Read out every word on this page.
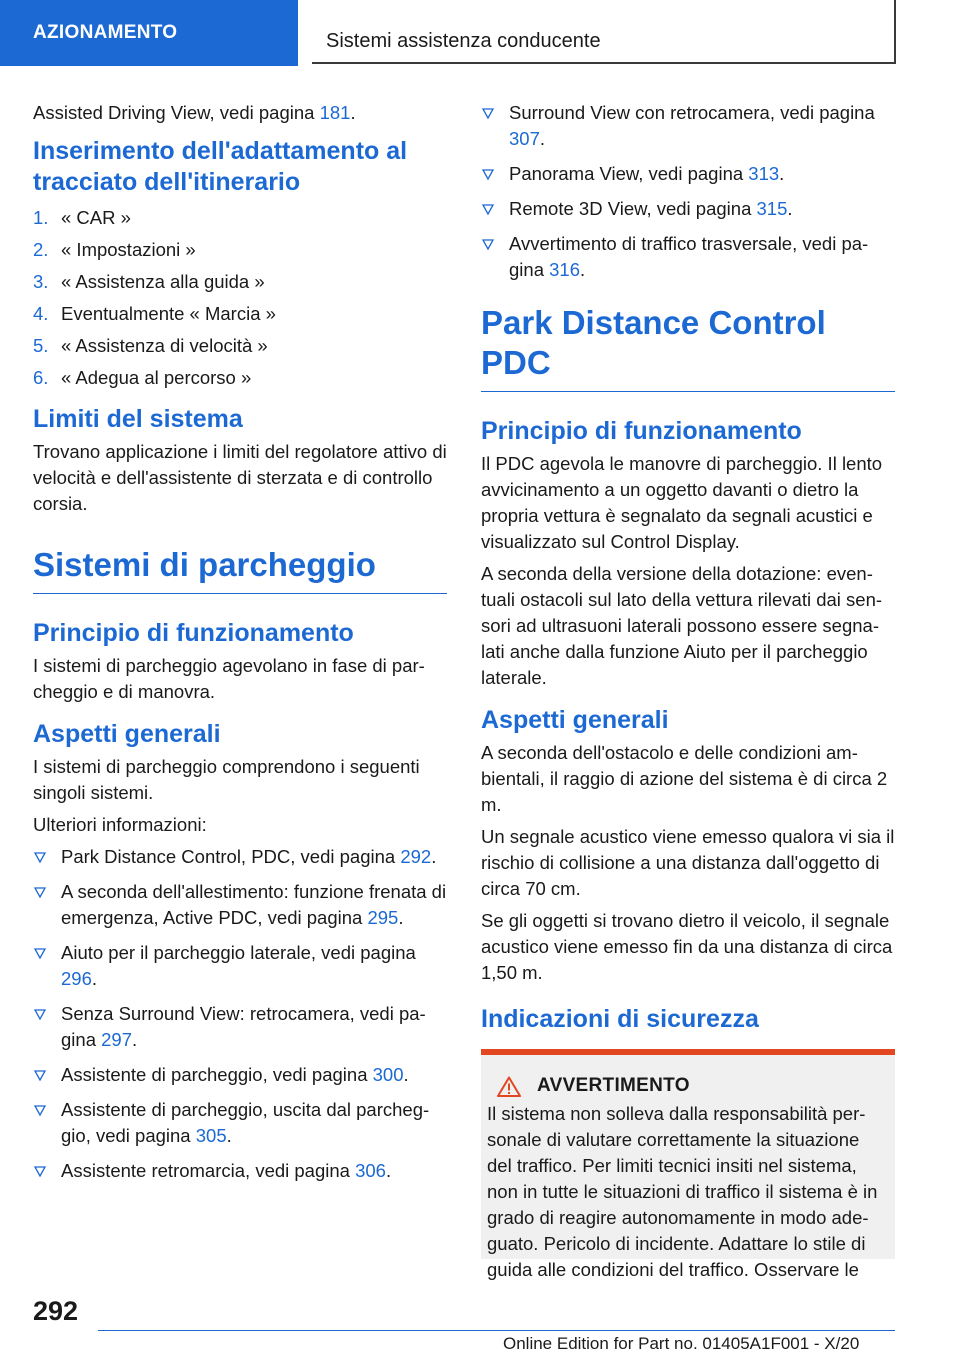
AZIONAMENTO	Sistemi assistenza conducente

Assisted Driving View, vedi pagina 181.

Inserimento dell'adattamento al tracciato dell'itinerario
1. « CAR »
2. « Impostazioni »
3. « Assistenza alla guida »
4. Eventualmente « Marcia »
5. « Assistenza di velocità »
6. « Adegua al percorso »
Limiti del sistema

Trovano applicazione i limiti del regolatore attivo di velocità e dell'assistente di sterzata e di controllo corsia.

Sistemi di parcheggio
Principio di funzionamento

I sistemi di parcheggio agevolano in fase di parcheggio e di manovra.

Aspetti generali

I sistemi di parcheggio comprendono i seguenti singoli sistemi.

Ulteriori informazioni:

Park Distance Control, PDC, vedi pagina 292.
A seconda dell'allestimento: funzione frenata di emergenza, Active PDC, vedi pagina 295.
Aiuto per il parcheggio laterale, vedi pagina 296.
Senza Surround View: retrocamera, vedi pagina 297.
Assistente di parcheggio, vedi pagina 300.
Assistente di parcheggio, uscita dal parcheggio, vedi pagina 305.
Assistente retromarcia, vedi pagina 306.
Surround View con retrocamera, vedi pagina 307.
Panorama View, vedi pagina 313.
Remote 3D View, vedi pagina 315.
Avvertimento di traffico trasversale, vedi pagina 316.
Park Distance Control PDC
Principio di funzionamento

Il PDC agevola le manovre di parcheggio. Il lento avvicinamento a un oggetto davanti o dietro la propria vettura è segnalato da segnali acustici e visualizzato sul Control Display.

A seconda della versione della dotazione: eventuali ostacoli sul lato della vettura rilevati dai sensori ad ultrasuoni laterali possono essere segnalati anche dalla funzione Aiuto per il parcheggio laterale.

Aspetti generali

A seconda dell'ostacolo e delle condizioni ambientali, il raggio di azione del sistema è di circa 2 m.

Un segnale acustico viene emesso qualora vi sia il rischio di collisione a una distanza dall'oggetto di circa 70 cm.

Se gli oggetti si trovano dietro il veicolo, il segnale acustico viene emesso fin da una distanza di circa 1,50 m.

Indicazioni di sicurezza
AVVERTIMENTO

Il sistema non solleva dalla responsabilità personale di valutare correttamente la situazione del traffico. Per limiti tecnici insiti nel sistema, non in tutte le situazioni di traffico il sistema è in grado di reagire autonomamente in modo adeguato. Pericolo di incidente. Adattare lo stile di guida alle condizioni del traffico. Osservare le

292
Online Edition for Part no. 01405A1F001 - X/20
